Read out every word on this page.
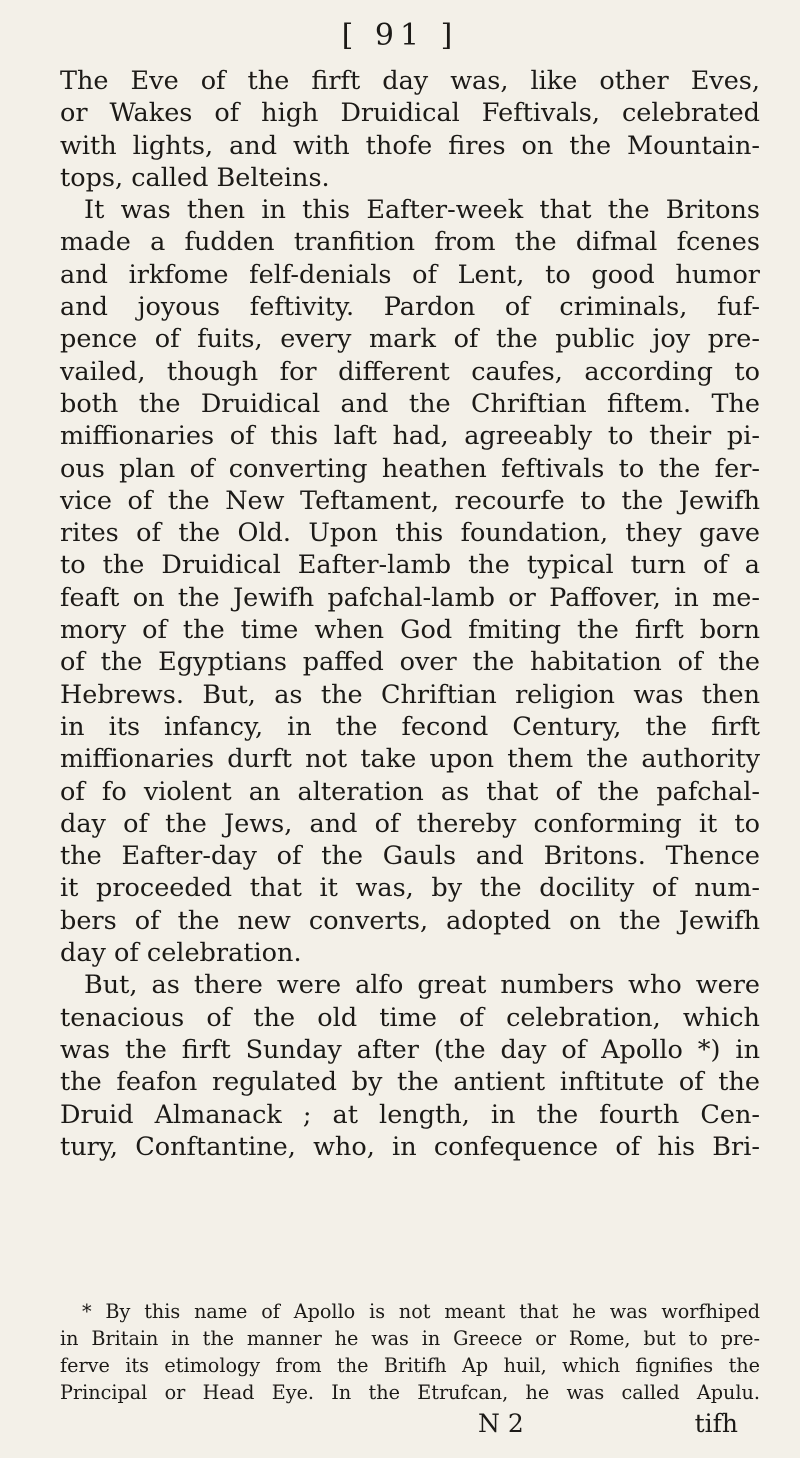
[ 91 ]
The Eve of the firft day was, like other Eves,
or Wakes of high Druidical Feftivals, celebrated
with lights, and with thofe fires on the Mountain-
tops, called Belteins.
It was then in this Eafter-week that the Britons
made a fudden tranfition from the difmal fcenes
and irkfome felf-denials of Lent, to good humor
and joyous feftivity. Pardon of criminals, fuf-
pence of fuits, every mark of the public joy pre-
vailed, though for different caufes, according to
both the Druidical and the Chriftian fiftem. The
miffionaries of this laft had, agreeably to their pi-
ous plan of converting heathen feftivals to the fer-
vice of the New Teftament, recourfe to the Jewifh
rites of the Old. Upon this foundation, they gave
to the Druidical Eafter-lamb the typical turn of a
feaft on the Jewifh pafchal-lamb or Paffover, in me-
mory of the time when God fmiting the firft born
of the Egyptians paffed over the habitation of the
Hebrews. But, as the Chriftian religion was then
in its infancy, in the fecond Century, the firft
miffionaries durft not take upon them the authority
of fo violent an alteration as that of the pafchal-
day of the Jews, and of thereby conforming it to
the Eafter-day of the Gauls and Britons. Thence
it proceeded that it was, by the docility of num-
bers of the new converts, adopted on the Jewifh
day of celebration.
But, as there were alfo great numbers who were
tenacious of the old time of celebration, which
was the firft Sunday after (the day of Apollo *) in
the feafon regulated by the antient inftitute of the
Druid Almanack ; at length, in the fourth Cen-
tury, Conftantine, who, in confequence of his Bri-
* By this name of Apollo is not meant that he was worfhiped
in Britain in the manner he was in Greece or Rome, but to pre-
ferve its etimology from the Britifh Ap huil, which fignifies the
Principal or Head Eye. In the Etrufcan, he was called Apulu.
N 2	tifh
